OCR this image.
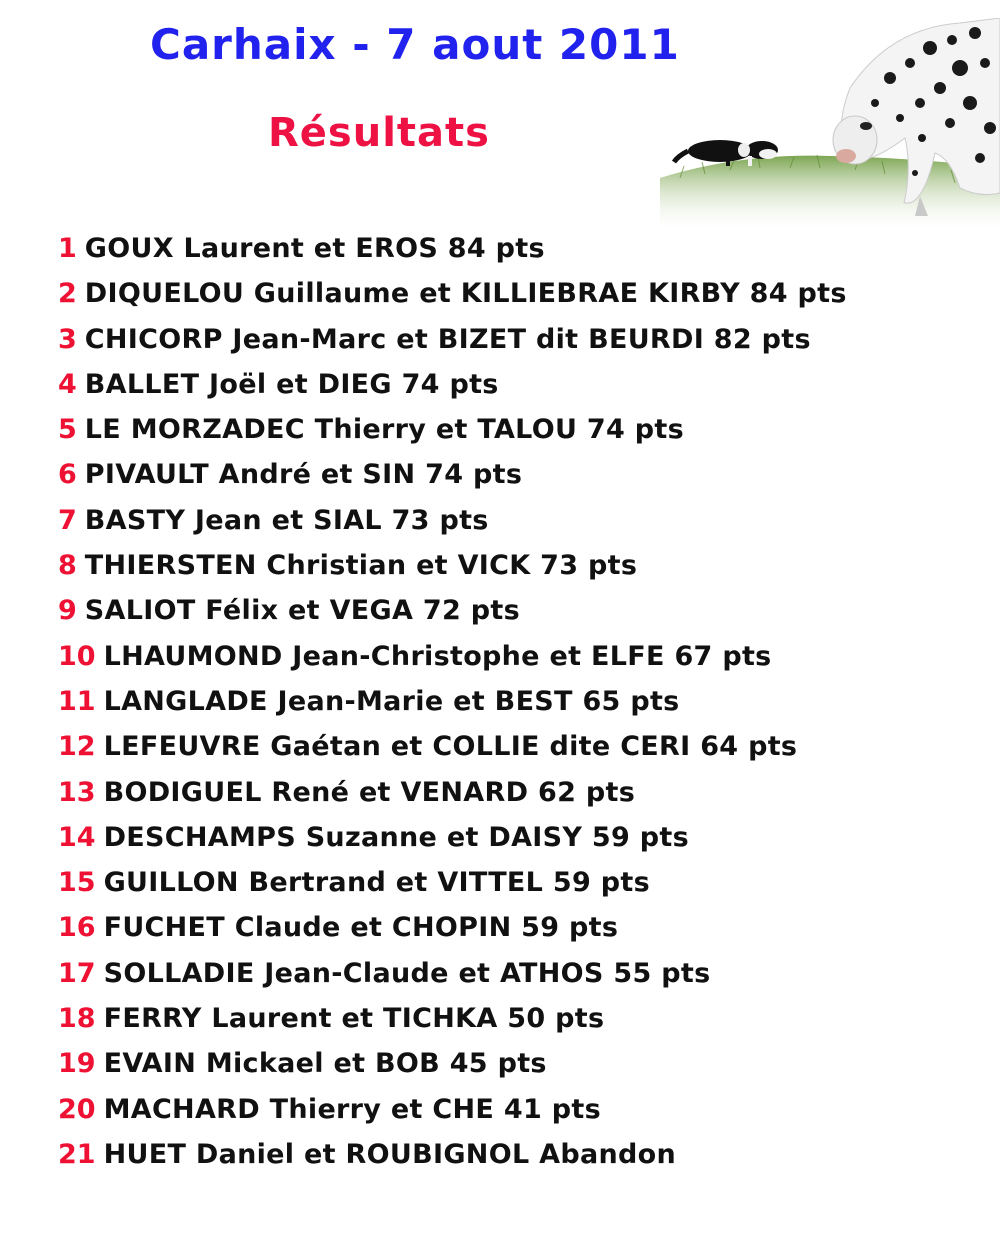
Carhaix - 7 aout 2011
Résultats
1 GOUX Laurent et EROS 84 pts
2 DIQUELOU Guillaume et KILLIEBRAE KIRBY 84 pts
3 CHICORP Jean-Marc et BIZET dit BEURDI 82 pts
4 BALLET Joël et DIEG 74 pts
5 LE MORZADEC Thierry et TALOU 74 pts
6 PIVAULT André et SIN 74 pts
7 BASTY Jean et SIAL 73 pts
8 THIERSTEN Christian et VICK 73 pts
9 SALIOT Félix et VEGA 72 pts
10 LHAUMOND Jean-Christophe et ELFE 67 pts
11 LANGLADE Jean-Marie et BEST 65 pts
12 LEFEUVRE Gaétan et COLLIE dite CERI 64 pts
13 BODIGUEL René et VENARD 62 pts
14 DESCHAMPS Suzanne et DAISY 59 pts
15 GUILLON Bertrand et VITTEL 59 pts
16 FUCHET Claude et CHOPIN 59 pts
17 SOLLADIE Jean-Claude et ATHOS 55 pts
18 FERRY Laurent et TICHKA 50 pts
19 EVAIN Mickael et BOB 45 pts
20 MACHARD Thierry et CHE 41 pts
21 HUET Daniel et ROUBIGNOL Abandon
